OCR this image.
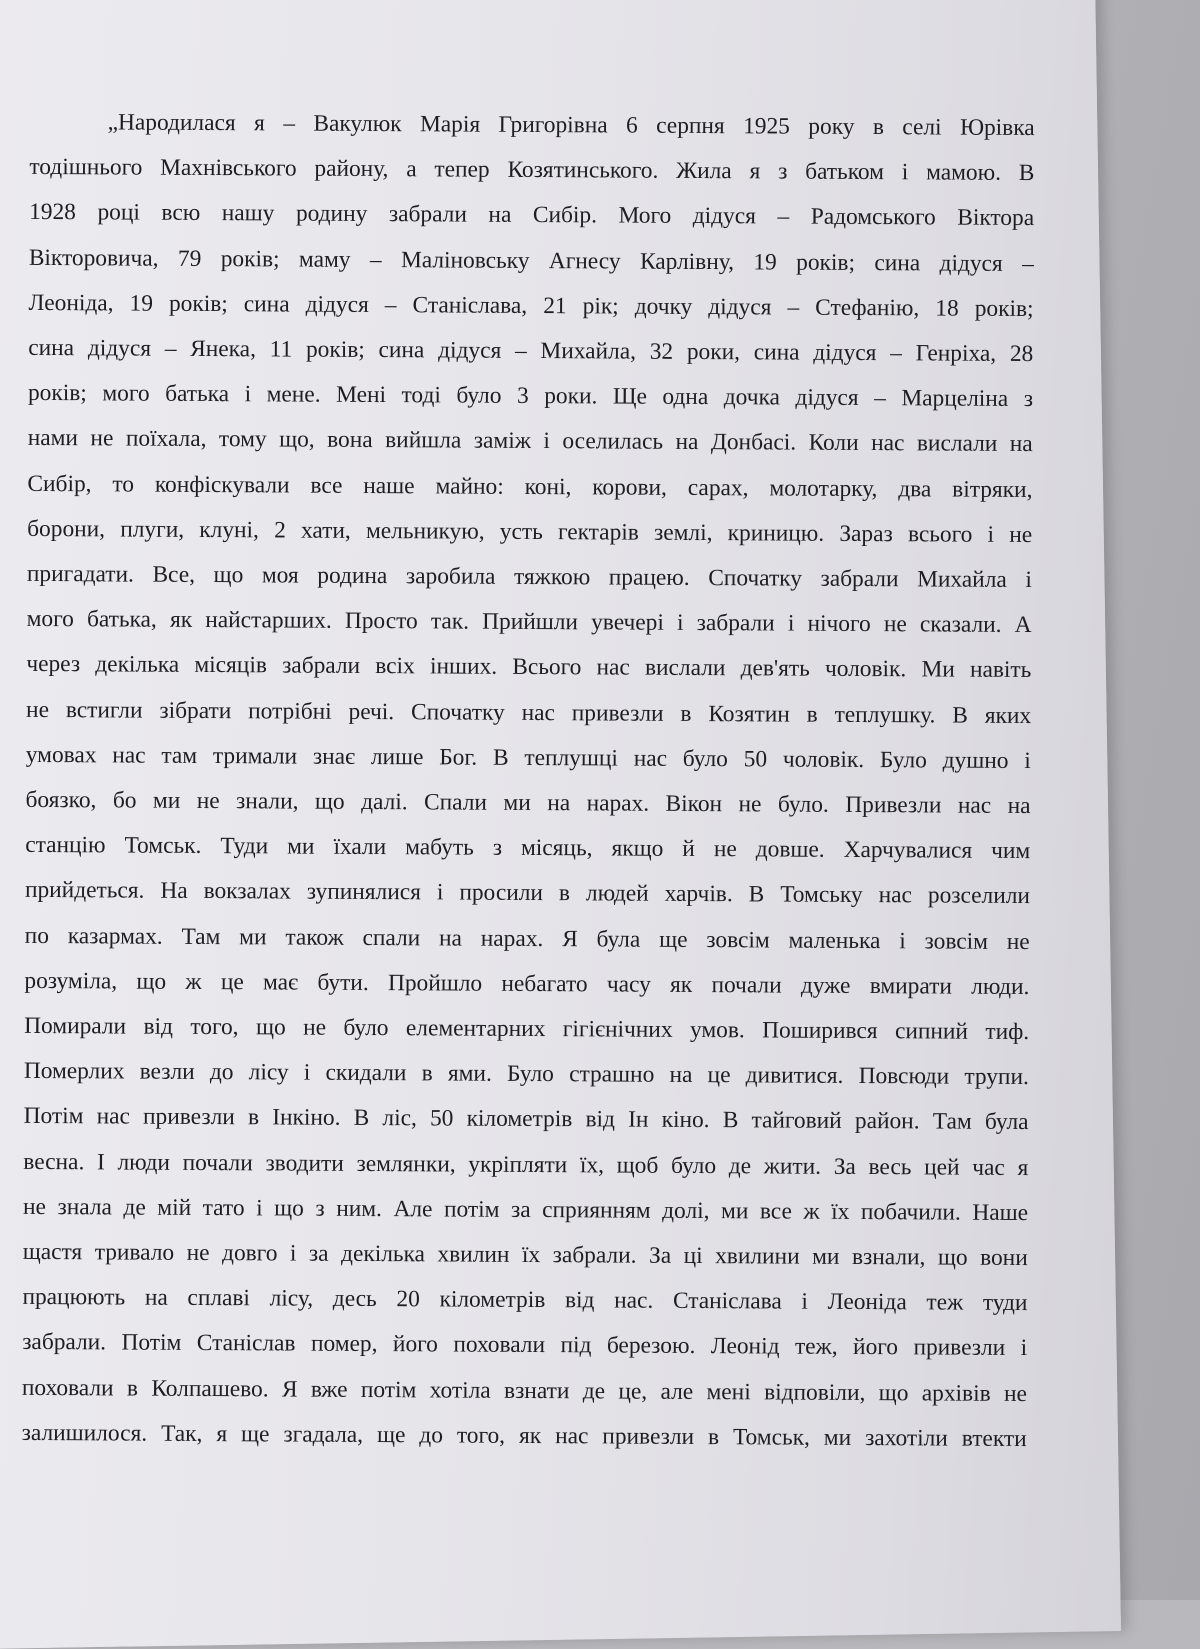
„Народилася я – Вакулюк Марія Григорівна 6 серпня 1925 року в селі Юрівка
тодішнього Махнівського району, а тепер Козятинського. Жила я з батьком і мамою. В
1928 році всю нашу родину забрали на Сибір. Мого дідуся – Радомського Віктора
Вікторовича, 79 років; маму – Маліновську Агнесу Карлівну, 19 років; сина дідуся –
Леоніда, 19 років; сина дідуся – Станіслава, 21 рік; дочку дідуся – Стефанію, 18 років;
сина дідуся – Янека, 11 років; сина дідуся – Михайла, 32 роки, сина дідуся – Генріха, 28
років; мого батька і мене. Мені тоді було 3 роки. Ще одна дочка дідуся – Марцеліна з
нами не поїхала, тому що, вона вийшла заміж і оселилась на Донбасі. Коли нас вислали на
Сибір, то конфіскували все наше майно: коні, корови, сарах, молотарку, два вітряки,
борони, плуги, клуні, 2 хати, мельникую, усть гектарів землі, криницю. Зараз всього і не
пригадати. Все, що моя родина заробила тяжкою працею. Спочатку забрали Михайла і
мого батька, як найстарших. Просто так. Прийшли увечері і забрали і нічого не сказали. А
через декілька місяців забрали всіх інших. Всього нас вислали дев'ять чоловік. Ми навіть
не встигли зібрати потрібні речі. Спочатку нас привезли в Козятин в теплушку. В яких
умовах нас там тримали знає лише Бог. В теплушці нас було 50 чоловік. Було душно і
боязко, бо ми не знали, що далі. Спали ми на нарах. Вікон не було. Привезли нас на
станцію Томськ. Туди ми їхали мабуть з місяць, якщо й не довше. Харчувалися чим
прийдеться. На вокзалах зупинялися і просили в людей харчів. В Томську нас розселили
по казармах. Там ми також спали на нарах. Я була ще зовсім маленька і зовсім не
розуміла, що ж це має бути. Пройшло небагато часу як почали дуже вмирати люди.
Помирали від того, що не було елементарних гігієнічних умов. Поширився сипний тиф.
Померлих везли до лісу і скидали в ями. Було страшно на це дивитися. Повсюди трупи.
Потім нас привезли в Інкіно. В ліс, 50 кілометрів від Ін кіно. В тайговий район. Там була
весна. І люди почали зводити землянки, укріпляти їх, щоб було де жити. За весь цей час я
не знала де мій тато і що з ним. Але потім за сприянням долі, ми все ж їх побачили. Наше
щастя тривало не довго і за декілька хвилин їх забрали. За ці хвилини ми взнали, що вони
працюють на сплаві лісу, десь 20 кілометрів від нас. Станіслава і Леоніда теж туди
забрали. Потім Станіслав помер, його поховали під березою. Леонід теж, його привезли і
поховали в Колпашево. Я вже потім хотіла взнати де це, але мені відповіли, що архівів не
залишилося. Так, я ще згадала, ще до того, як нас привезли в Томськ, ми захотіли втекти
